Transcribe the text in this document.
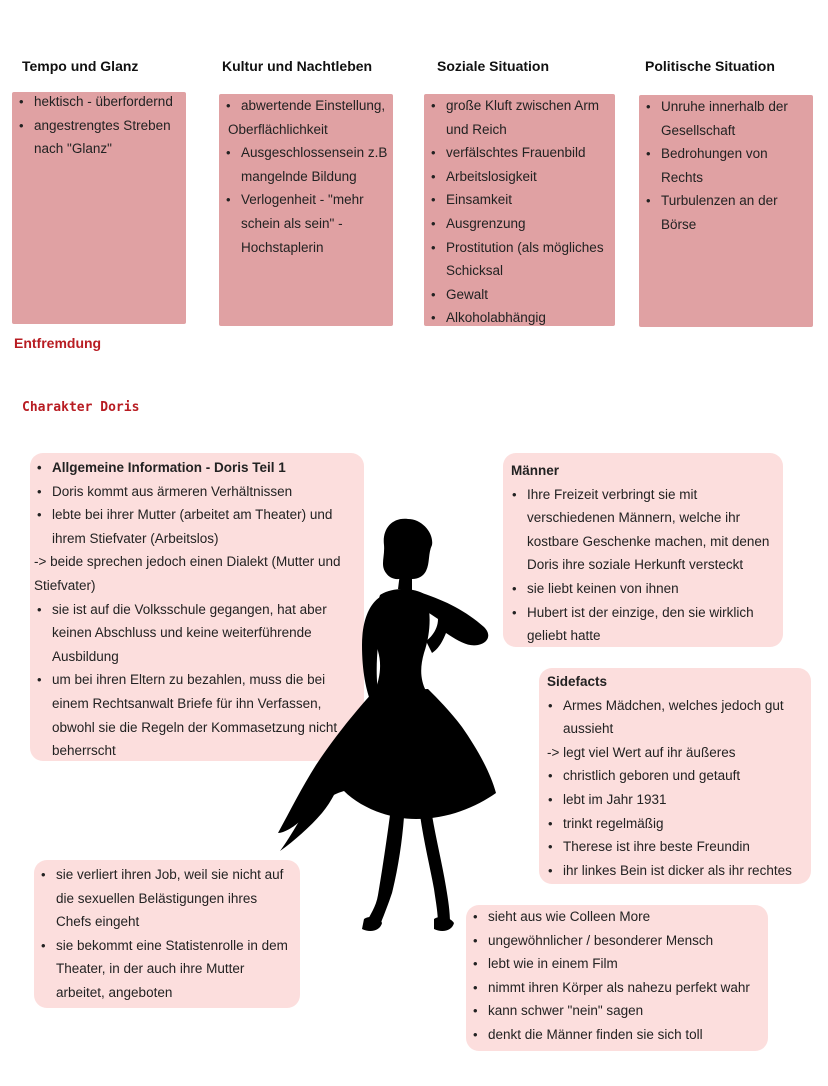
Tempo und Glanz	Kultur und Nachtleben	Soziale Situation	Politische Situation
• hektisch - überfordernd
• angestrengtes Streben nach "Glanz"
• abwertende Einstellung,
Oberflächlichkeit
• Ausgeschlossensein z.B mangelnde Bildung
• Verlogenheit - "mehr schein als sein" - Hochstaplerin
• große Kluft zwischen Arm und Reich
• verfälschtes Frauenbild
• Arbeitslosigkeit
• Einsamkeit
• Ausgrenzung
• Prostitution (als mögliches Schicksal
• Gewalt
• Alkoholabhängig
• Unruhe innerhalb der Gesellschaft
• Bedrohungen von Rechts
• Turbulenzen an der Börse
Entfremdung
Charakter Doris
• Allgemeine Information - Doris Teil 1
• Doris kommt aus ärmeren Verhältnissen
• lebte bei ihrer Mutter (arbeitet am Theater) und ihrem Stiefvater (Arbeitslos)
-> beide sprechen jedoch einen Dialekt (Mutter und Stiefvater)
• sie ist auf die Volksschule gegangen, hat aber keinen Abschluss und keine weiterführende Ausbildung
• um bei ihren Eltern zu bezahlen, muss die bei einem Rechtsanwalt Briefe für ihn Verfassen, obwohl sie die Regeln der Kommasetzung nicht beherrscht
• sie verliert ihren Job, weil sie nicht auf die sexuellen Belästigungen ihres Chefs eingeht
• sie bekommt eine Statistenrolle in dem Theater, in der auch ihre Mutter arbeitet, angeboten
Männer
• Ihre Freizeit verbringt sie mit verschiedenen Männern, welche ihr kostbare Geschenke machen, mit denen Doris ihre soziale Herkunft versteckt
• sie liebt keinen von ihnen
• Hubert ist der einzige, den sie wirklich geliebt hatte
Sidefacts
• Armes Mädchen, welches jedoch gut aussieht
-> legt viel Wert auf ihr äußeres
• christlich geboren und getauft
• lebt im Jahr 1931
• trinkt regelmäßig
• Therese ist ihre beste Freundin
• ihr linkes Bein ist dicker als ihr rechtes
• sieht aus wie Colleen More
• ungewöhnlicher / besonderer Mensch
• lebt wie in einem Film
• nimmt ihren Körper als nahezu perfekt wahr
• kann schwer "nein" sagen
• denkt die Männer finden sie sich toll
